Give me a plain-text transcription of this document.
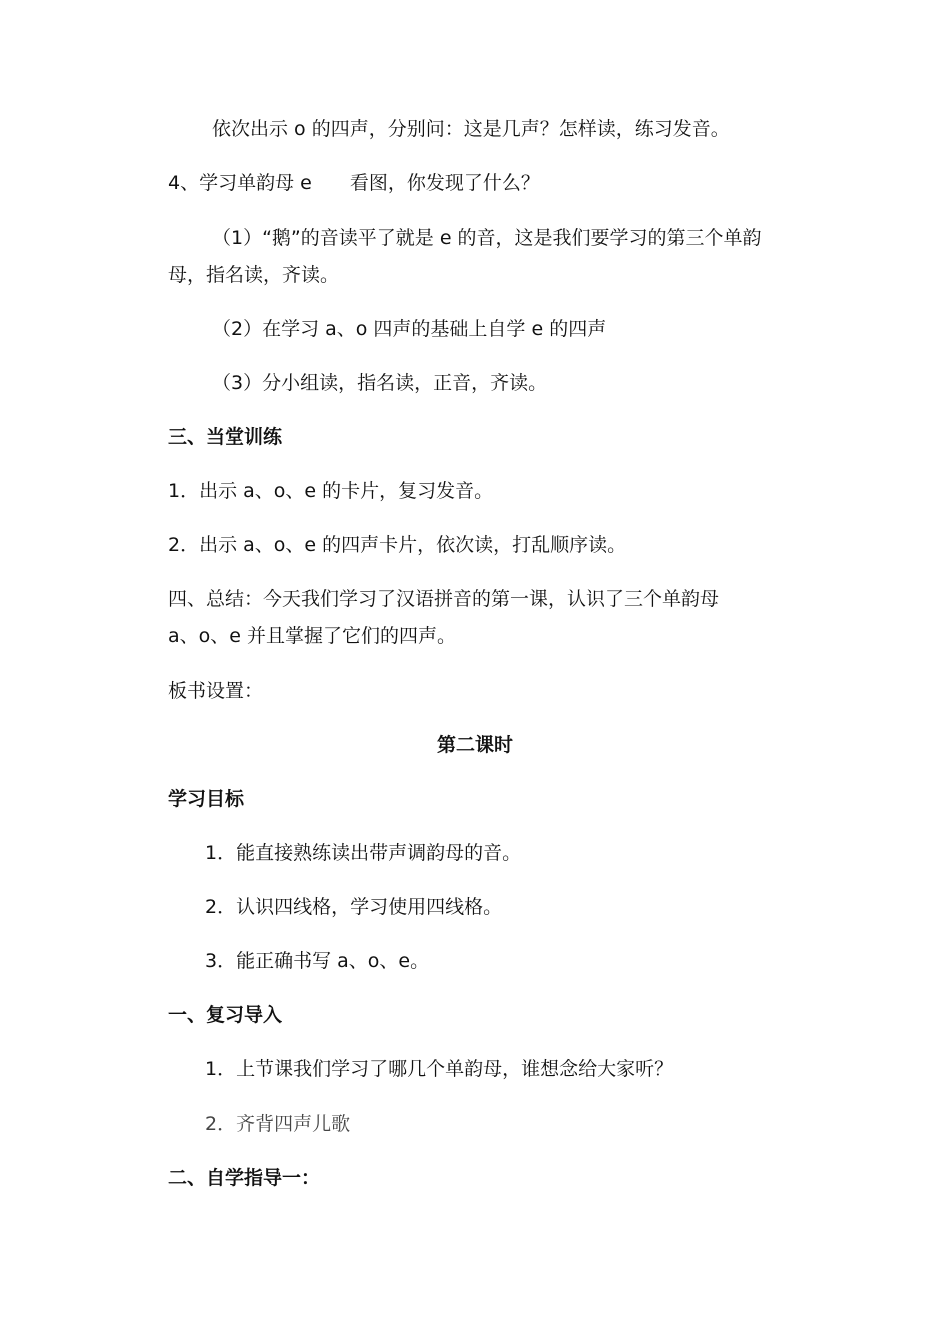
依次出示 o 的四声，分别问：这是几声？怎样读，练习发音。
4、学习单韵母 e　　看图，你发现了什么？
（1）“鹅”的音读平了就是 e 的音，这是我们要学习的第三个单韵
母，指名读，齐读。
（2）在学习 a、o 四声的基础上自学 e 的四声
（3）分小组读，指名读，正音，齐读。
三、当堂训练
1．出示 a、o、e 的卡片，复习发音。
2．出示 a、o、e 的四声卡片，依次读，打乱顺序读。
四、总结：今天我们学习了汉语拼音的第一课，认识了三个单韵母
a、o、e 并且掌握了它们的四声。
板书设置：
第二课时
学习目标
1．能直接熟练读出带声调韵母的音。
2．认识四线格，学习使用四线格。
3．能正确书写 a、o、e。
一、复习导入
1．上节课我们学习了哪几个单韵母，谁想念给大家听？
2．齐背四声儿歌
二、自学指导一：
